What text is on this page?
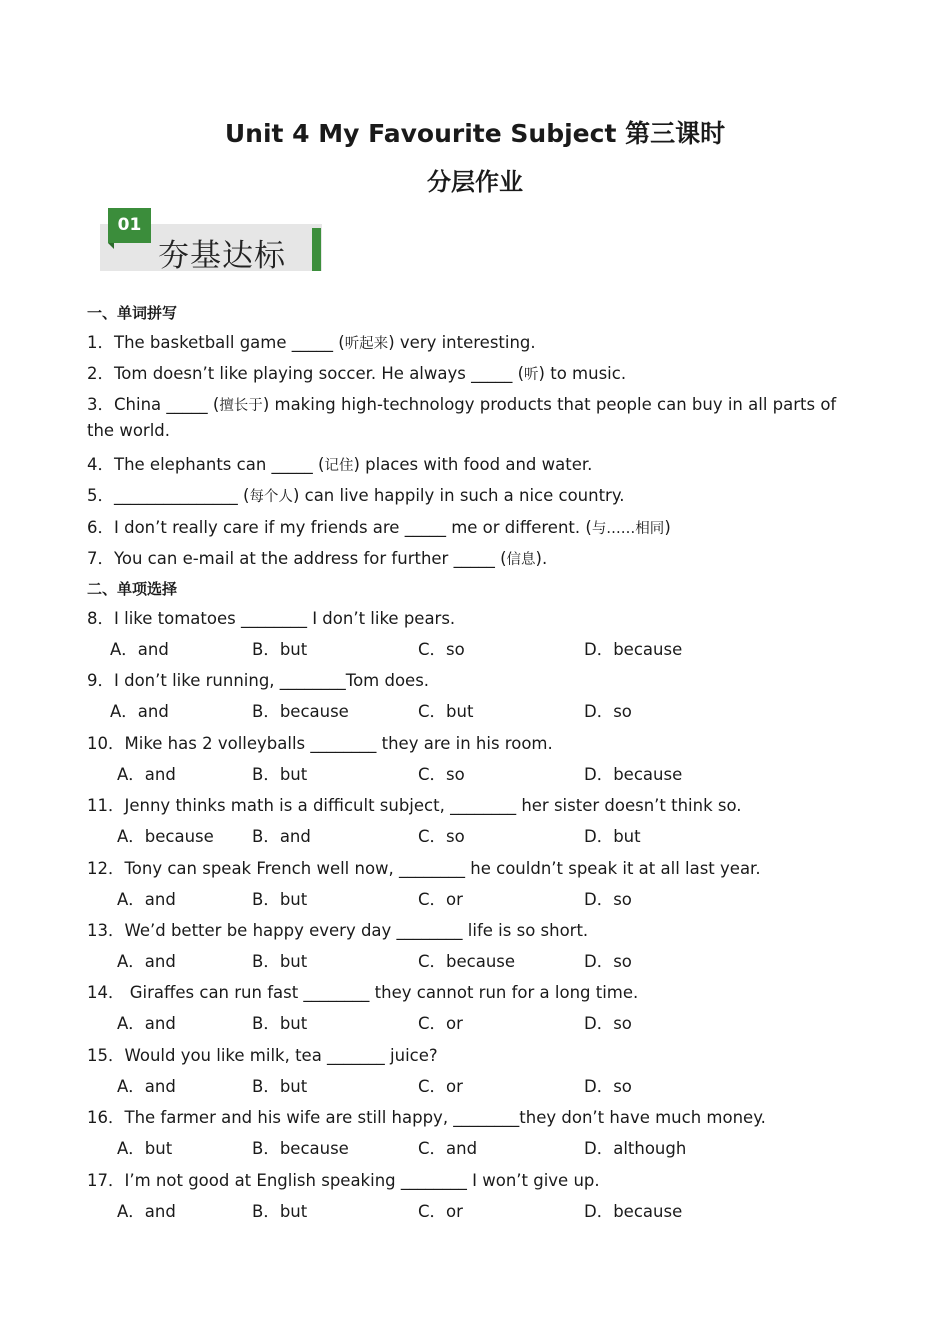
Unit 4 My Favourite Subject 第三课时
分层作业
01
夯基达标
一、单词拼写
1．The basketball game _____ (听起来) very interesting.
2．Tom doesn’t like playing soccer. He always _____ (听) to music.
3．China _____ (擅长于) making high-technology products that people can buy in all parts of
the world.
4．The elephants can _____ (记住) places with food and water.
5．_______________ (每个人) can live happily in such a nice country.
6．I don’t really care if my friends are _____ me or different. (与……相同)
7．You can e-mail at the address for further _____ (信息).
二、单项选择
8．I like tomatoes ________ I don’t like pears.
A．and	B．but	C．so	D．because
9．I don’t like running, ________Tom does.
A．and	B．because	C．but	D．so
10．Mike has 2 volleyballs ________ they are in his room.
A．and	B．but	C．so	D．because
11．Jenny thinks math is a difficult subject, ________ her sister doesn’t think so.
A．because B．and	C．so	D．but
12．Tony can speak French well now, ________ he couldn’t speak it at all last year.
A．and	B．but	C．or	D．so
13．We’d better be happy every day ________ life is so short.
A．and	B．but	C．because	D．so
14． Giraffes can run fast ________ they cannot run for a long time.
A．and	B．but	C．or	D．so
15．Would you like milk, tea _______ juice?
A．and	B．but	C．or	D．so
16．The farmer and his wife are still happy, ________they don’t have much money.
A．but	B．because	C．and	D．although
17．I’m not good at English speaking ________ I won’t give up.
A．and	B．but	C．or	D．because
